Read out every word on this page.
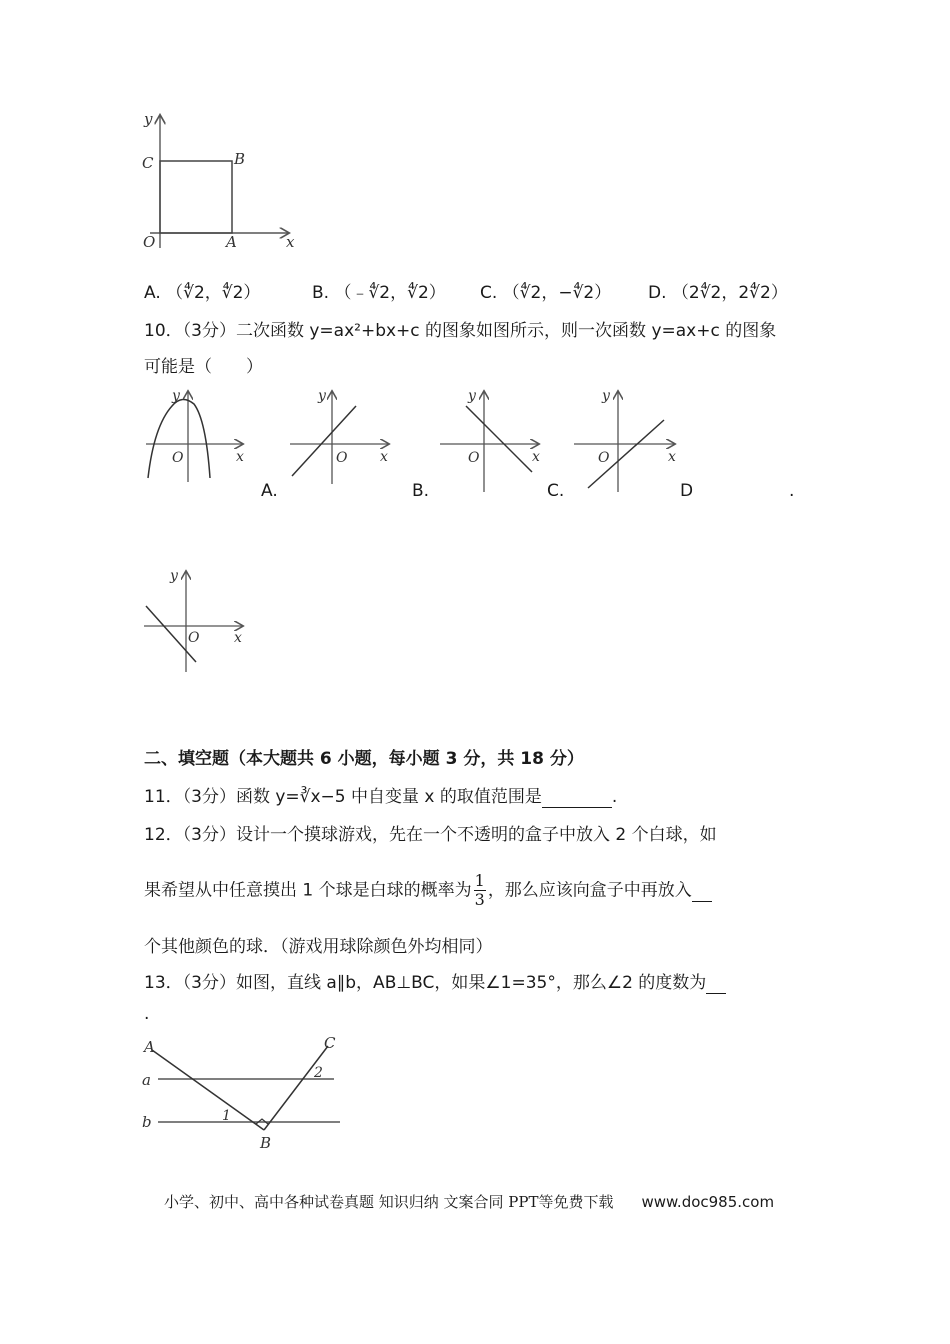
y
x
O	A
B
C
A. （∜2，∜2）	B. （﹣∜2，∜2） C. （∜2，−∜2） D. （2∜2，2∜2）
10．（3分）二次函数 y=ax²+bx+c 的图象如图所示，则一次函数 y=ax+c 的图象
可能是（　　）
y
x
O
y
x
O
y
x
O
y
x
O
A.	B.	C.	D	.
y
x
O
二、填空题（本大题共 6 小题，每小题 3 分，共 18 分）
11．（3分）函数 y=∛x−5 中自变量 x 的取值范围是	.
12．（3分）设计一个摸球游戏，先在一个不透明的盒子中放入 2 个白球，如
果希望从中任意摸出 1 个球是白球的概率为 $\frac{1}{3}$ ，那么应该向盒子中再放入
个其他颜色的球．（游戏用球除颜色外均相同）
13．（3分）如图，直线 a∥b，AB⊥BC，如果∠1=35°，那么∠2 的度数为
.
A	C
a
b
B
1
2
小学、初中、高中各种试卷真题 知识归纳 文案合同 PPT等免费下载 www.doc985.com
